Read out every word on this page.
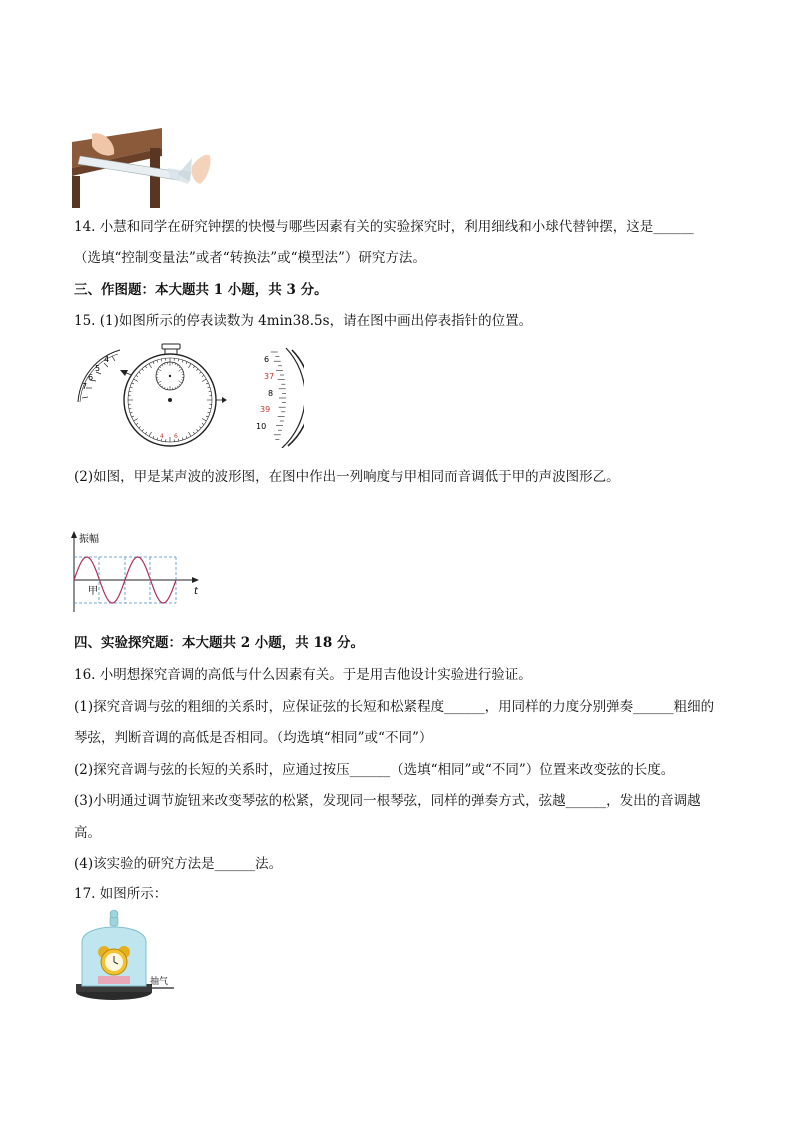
14. 小慧和同学在研究钟摆的快慢与哪些因素有关的实验探究时，利用细线和小球代替钟摆，这是______
（选填“控制变量法”或者“转换法”或“模型法”）研究方法。
三、作图题：本大题共 1 小题，共 3 分。
15. (1)如图所示的停表读数为 4min38.5s，请在图中画出停表指针的位置。
4
5
6
7
4 6
6
37
8
39
10
(2)如图，甲是某声波的波形图，在图中作出一列响度与甲相同而音调低于甲的声波图形乙。
振幅
t
甲
四、实验探究题：本大题共 2 小题，共 18 分。
16. 小明想探究音调的高低与什么因素有关。于是用吉他设计实验进行验证。
(1)探究音调与弦的粗细的关系时，应保证弦的长短和松紧程度______，用同样的力度分别弹奏______粗细的
琴弦，判断音调的高低是否相同。（均选填“相同”或“不同”）
(2)探究音调与弦的长短的关系时，应通过按压______（选填“相同”或“不同”）位置来改变弦的长度。
(3)小明通过调节旋钮来改变琴弦的松紧，发现同一根琴弦，同样的弹奏方式，弦越______，发出的音调越
高。
(4)该实验的研究方法是______法。
17. 如图所示：
抽气
